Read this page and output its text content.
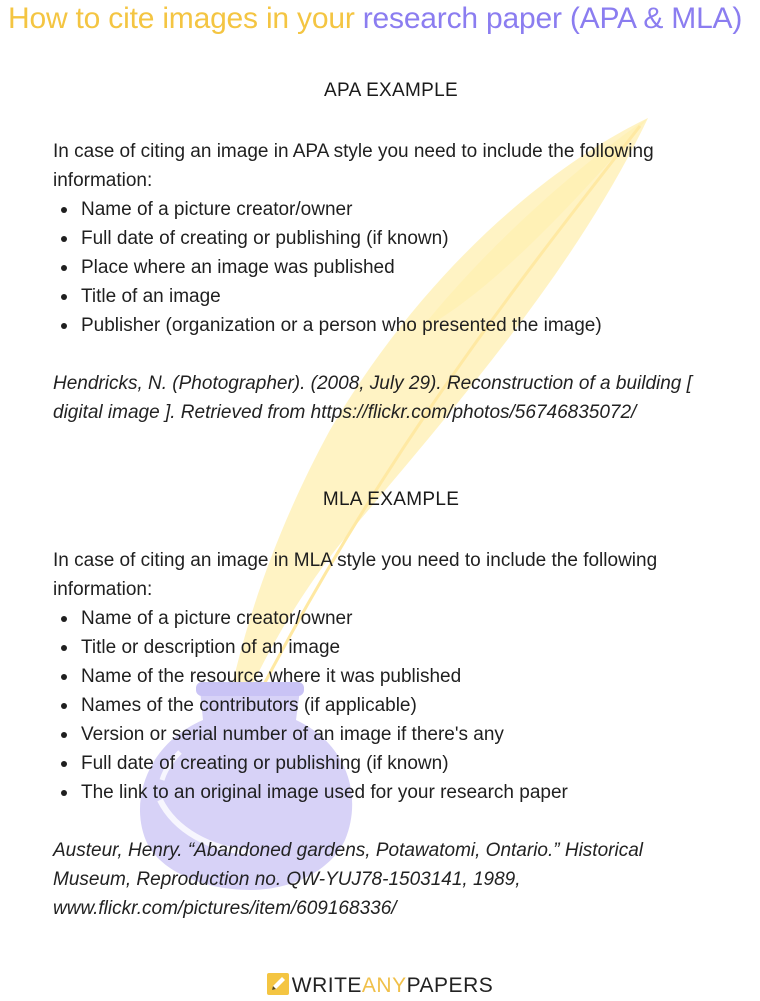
How to cite images in your research paper (APA & MLA)
APA EXAMPLE

In case of citing an image in APA style you need to include the following information:

Name of a picture creator/owner
Full date of creating or publishing (if known)
Place where an image was published
Title of an image
Publisher (organization or a person who presented the image)

Hendricks, N. (Photographer). (2008, July 29). Reconstruction of a building [ digital image ]. Retrieved from https://flickr.com/photos/56746835072/

MLA EXAMPLE

In case of citing an image in MLA style you need to include the following information:

Name of a picture creator/owner
Title or description of an image
Name of the resource where it was published
Names of the contributors (if applicable)
Version or serial number of an image if there's any
Full date of creating or publishing (if known)
The link to an original image used for your research paper

Austeur, Henry. “Abandoned gardens, Potawatomi, Ontario.” Historical Museum, Reproduction no. QW-YUJ78-1503141, 1989, www.flickr.com/pictures/item/609168336/

WRITEANYPAPERS
